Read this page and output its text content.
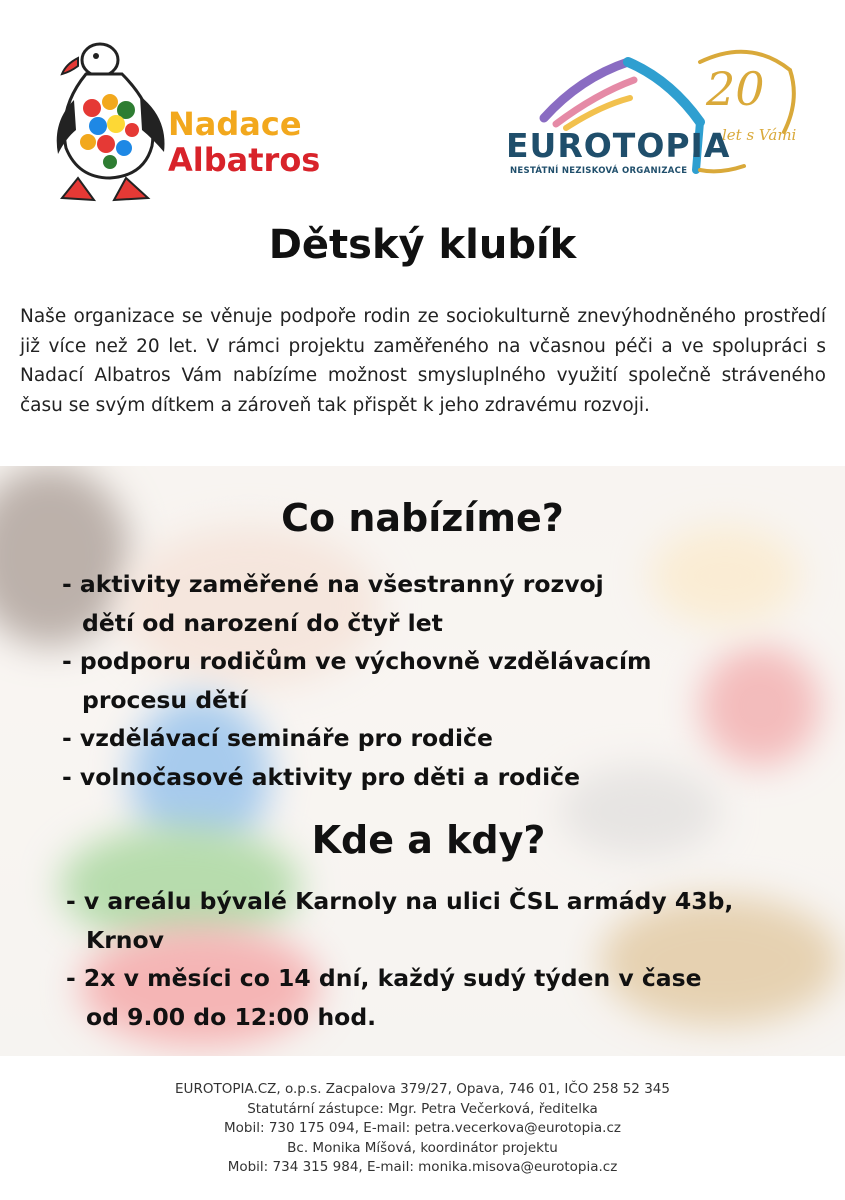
Nadace
Albatros	EUROTOPIA
NESTÁTNÍ NEZISKOVÁ ORGANIZACE
20
let s Vámi
Dětský klubík

Naše organizace se věnuje podpoře rodin ze sociokulturně znevýhodněného prostředí již více než 20 let. V rámci projektu zaměřeného na včasnou péči a ve spolupráci s Nadací Albatros Vám nabízíme možnost smysluplného využití společně stráveného času se svým dítkem a zároveň tak přispět k jeho zdravému rozvoji.

Co nabízíme?
- aktivity zaměřené na všestranný rozvoj
dětí od narození do čtyř let
- podporu rodičům ve výchovně vzdělávacím
procesu dětí
- vzdělávací semináře pro rodiče
- volnočasové aktivity pro děti a rodiče
Kde a kdy?
- v areálu bývalé Karnoly na ulici ČSL armády 43b,
Krnov
- 2x v měsíci co 14 dní, každý sudý týden v čase
od 9.00 do 12:00 hod.
EUROTOPIA.CZ, o.p.s. Zacpalova 379/27, Opava, 746 01, IČO 258 52 345
Statutární zástupce: Mgr. Petra Večerková, ředitelka
Mobil: 730 175 094, E-mail: petra.vecerkova@eurotopia.cz
Bc. Monika Míšová, koordinátor projektu
Mobil: 734 315 984, E-mail: monika.misova@eurotopia.cz
